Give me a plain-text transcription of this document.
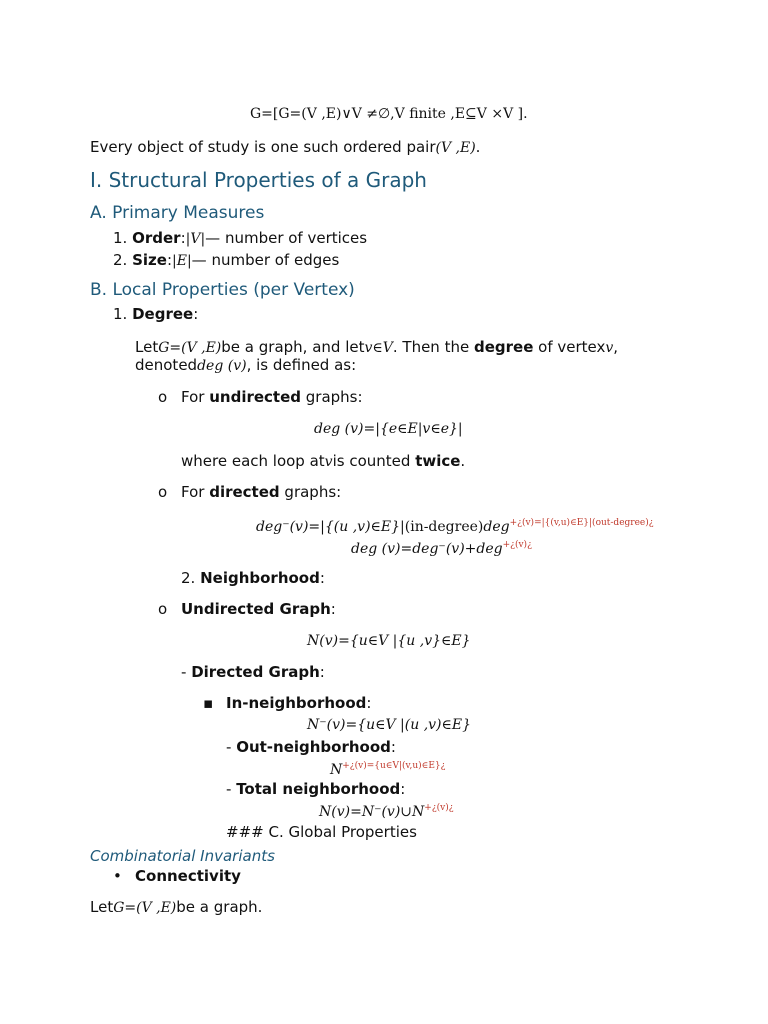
G=[G=(V ,E)∨V ≠∅,V finite ,E⊆V ×V ].
Every object of study is one such ordered pair(V ,E).
I. Structural Properties of a Graph
A. Primary Measures
1. Order:|V|— number of vertices
2. Size:|E|— number of edges
B. Local Properties (per Vertex)
1. Degree:
LetG=(V ,E)be a graph, and letv∈V. Then the degree of vertexv,
denoteddeg (v), is defined as:
o For undirected graphs:
deg (v)=|{e∈E|v∈e}|
where each loop atvis counted twice.
o For directed graphs:
deg⁻(v)=|{(u ,v)∈E}|(in-degree)deg$^{+¿(v)=|\{(v,u)\in E\}|(out-degree)¿}$
deg (v)=deg⁻(v)+deg$^{+¿(v)¿}$
2. Neighborhood:
o Undirected Graph:
N(v)={u∈V |{u ,v}∈E}
- Directed Graph:
▪ In-neighborhood:
N⁻(v)={u∈V |(u ,v)∈E}
- Out-neighborhood:
$N^{+¿(v)=\{u\in V|(v,u)\in E\}¿}$
- Total neighborhood:
$N(v)=N^-(v)\cup N^{+¿(v)¿}$
### C. Global Properties
Combinatorial Invariants
• Connectivity
LetG=(V ,E)be a graph.
